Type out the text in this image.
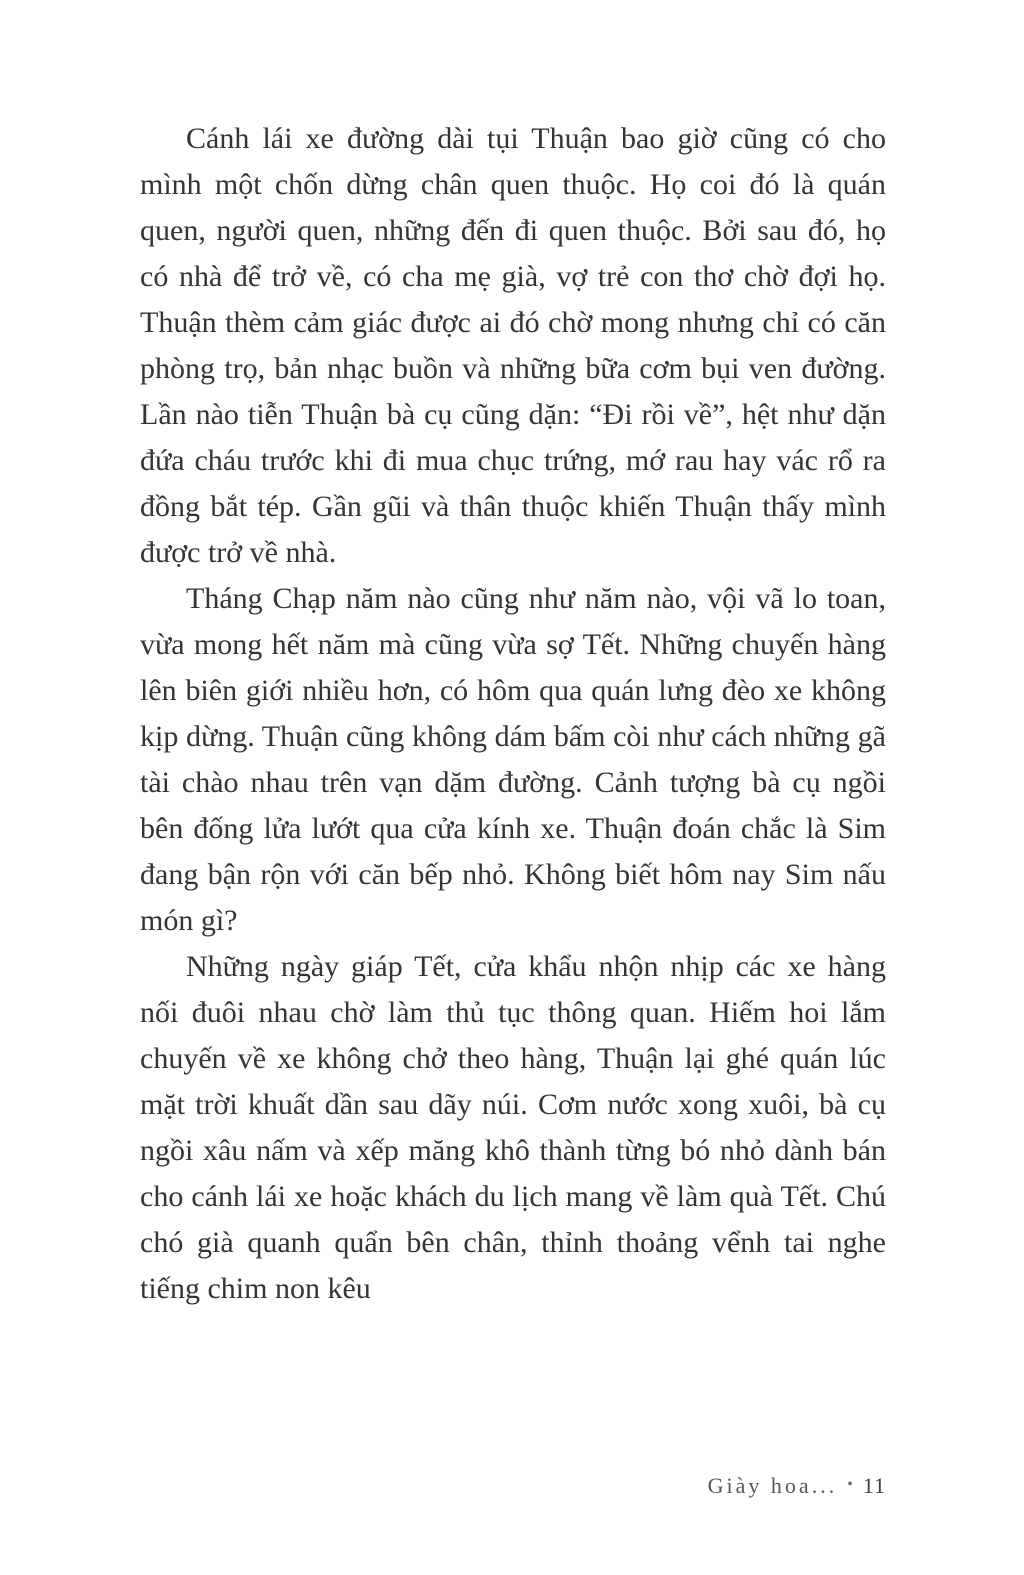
Cánh lái xe đường dài tụi Thuận bao giờ cũng có cho mình một chốn dừng chân quen thuộc. Họ coi đó là quán quen, người quen, những đến đi quen thuộc. Bởi sau đó, họ có nhà để trở về, có cha mẹ già, vợ trẻ con thơ chờ đợi họ. Thuận thèm cảm giác được ai đó chờ mong nhưng chỉ có căn phòng trọ, bản nhạc buồn và những bữa cơm bụi ven đường. Lần nào tiễn Thuận bà cụ cũng dặn: “Đi rồi về”, hệt như dặn đứa cháu trước khi đi mua chục trứng, mớ rau hay vác rổ ra đồng bắt tép. Gần gũi và thân thuộc khiến Thuận thấy mình được trở về nhà.

Tháng Chạp năm nào cũng như năm nào, vội vã lo toan, vừa mong hết năm mà cũng vừa sợ Tết. Những chuyến hàng lên biên giới nhiều hơn, có hôm qua quán lưng đèo xe không kịp dừng. Thuận cũng không dám bấm còi như cách những gã tài chào nhau trên vạn dặm đường. Cảnh tượng bà cụ ngồi bên đống lửa lướt qua cửa kính xe. Thuận đoán chắc là Sim đang bận rộn với căn bếp nhỏ. Không biết hôm nay Sim nấu món gì?

Những ngày giáp Tết, cửa khẩu nhộn nhịp các xe hàng nối đuôi nhau chờ làm thủ tục thông quan. Hiếm hoi lắm chuyến về xe không chở theo hàng, Thuận lại ghé quán lúc mặt trời khuất dần sau dãy núi. Cơm nước xong xuôi, bà cụ ngồi xâu nấm và xếp măng khô thành từng bó nhỏ dành bán cho cánh lái xe hoặc khách du lịch mang về làm quà Tết. Chú chó già quanh quẩn bên chân, thỉnh thoảng vểnh tai nghe tiếng chim non kêu

Giày hoa... • 11
